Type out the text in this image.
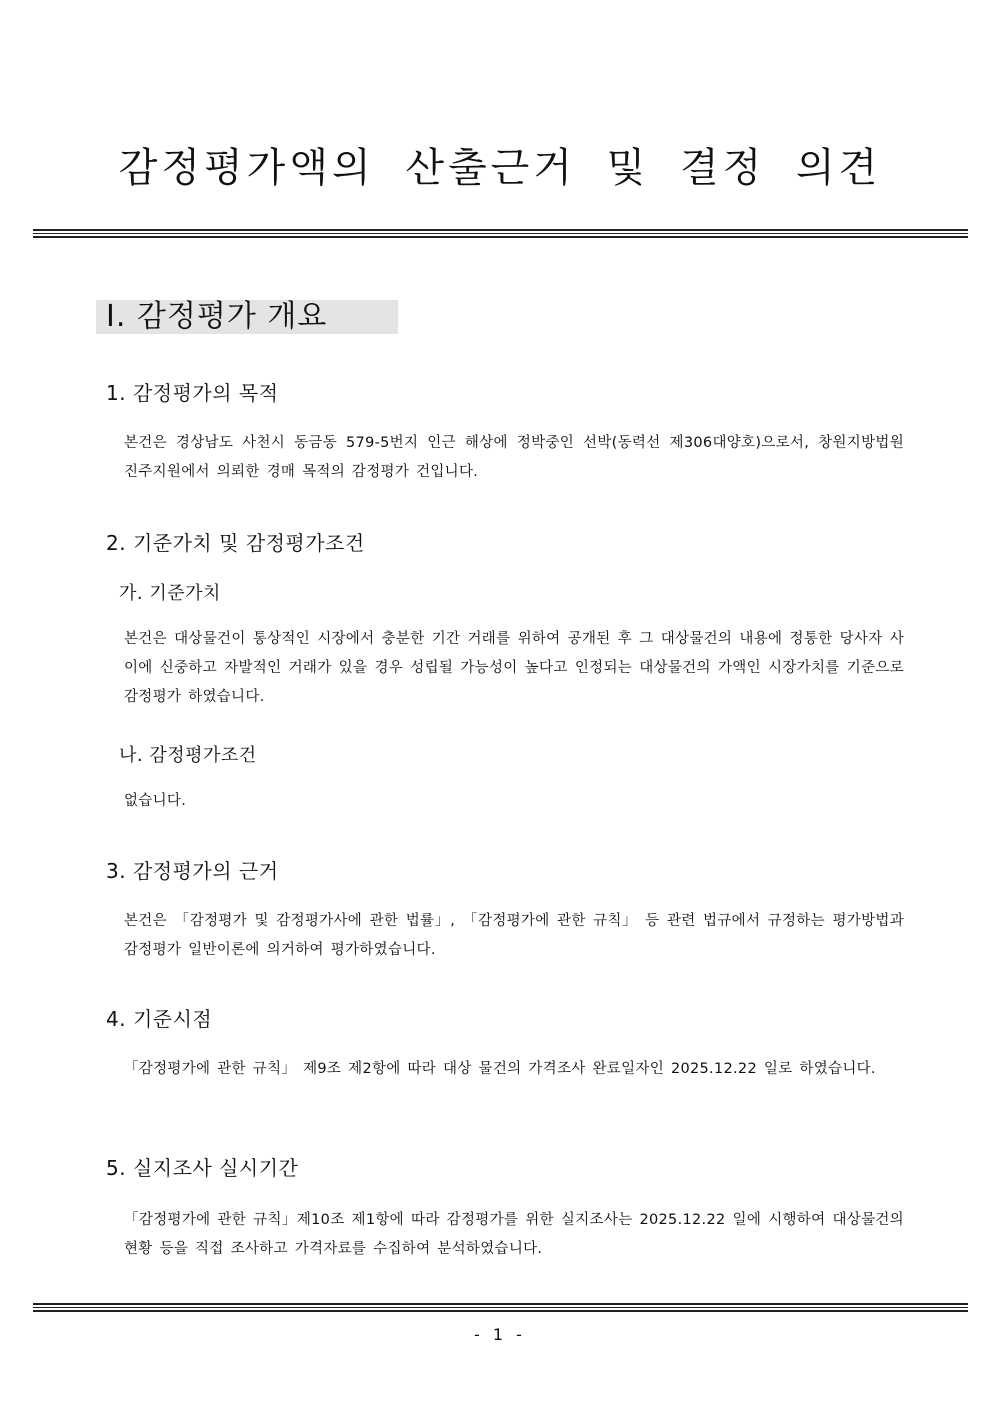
감정평가액의 산출근거 및 결정 의견
Ⅰ. 감정평가 개요
1. 감정평가의 목적
본건은 경상남도 사천시 동금동 579-5번지 인근 해상에 정박중인 선박(동력선 제306대양호)으로서, 창원지방법원 진주지원에서 의뢰한 경매 목적의 감정평가 건입니다.
2. 기준가치 및 감정평가조건
가. 기준가치
본건은 대상물건이 통상적인 시장에서 충분한 기간 거래를 위하여 공개된 후 그 대상물건의 내용에 정통한 당사자 사이에 신중하고 자발적인 거래가 있을 경우 성립될 가능성이 높다고 인정되는 대상물건의 가액인 시장가치를 기준으로 감정평가 하였습니다.
나. 감정평가조건
없습니다.
3. 감정평가의 근거
본건은 「감정평가 및 감정평가사에 관한 법률」, 「감정평가에 관한 규칙」 등 관련 법규에서 규정하는 평가방법과 감정평가 일반이론에 의거하여 평가하였습니다.
4. 기준시점
「감정평가에 관한 규칙」 제9조 제2항에 따라 대상 물건의 가격조사 완료일자인 2025.12.22 일로 하였습니다.
5. 실지조사 실시기간
「감정평가에 관한 규칙」제10조 제1항에 따라 감정평가를 위한 실지조사는 2025.12.22 일에 시행하여 대상물건의 현황 등을 직접 조사하고 가격자료를 수집하여 분석하였습니다.
- 1 -
